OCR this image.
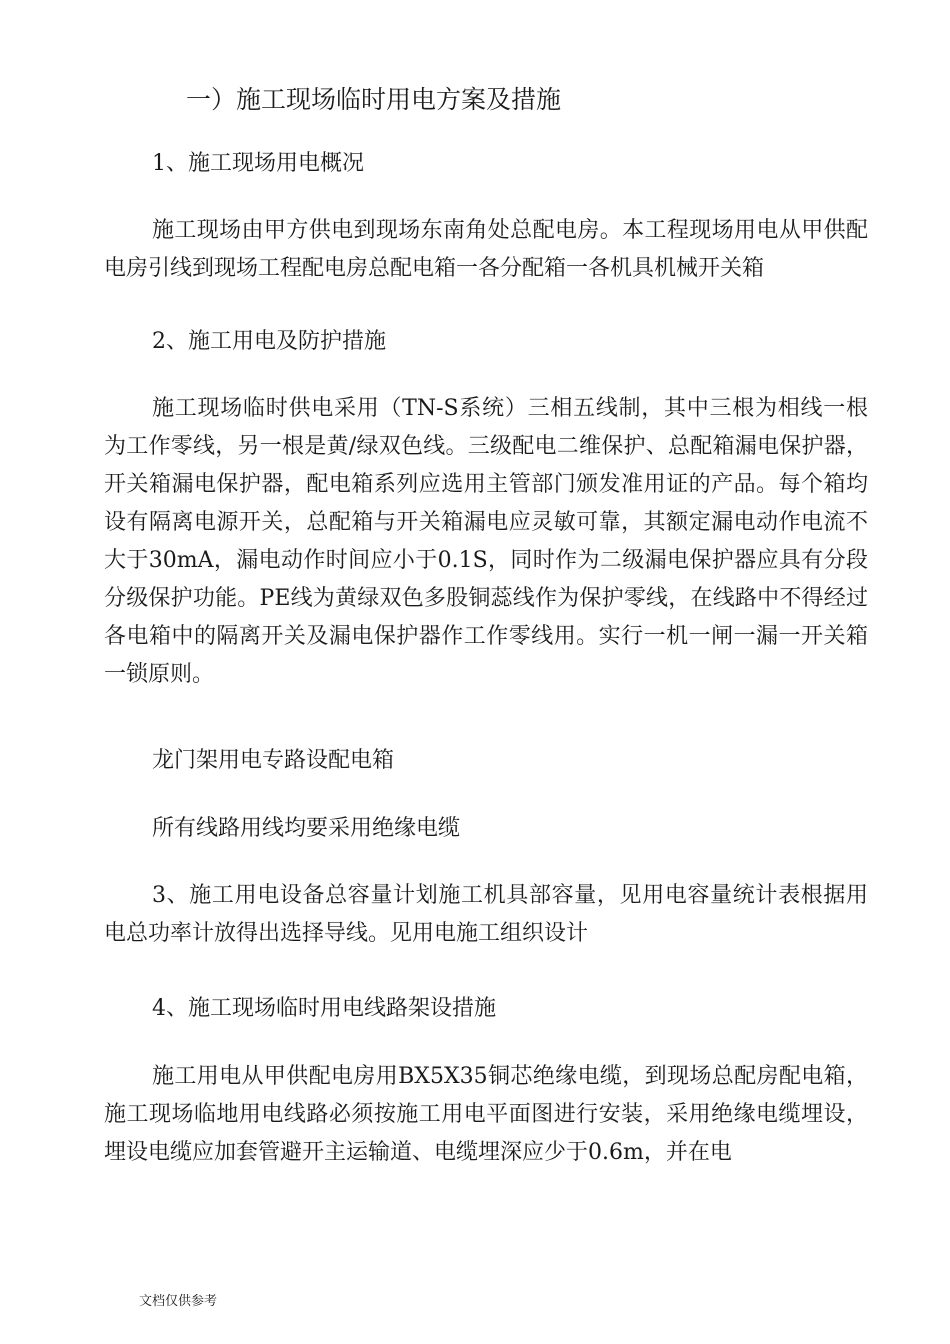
一）施工现场临时用电方案及措施

1、施工现场用电概况

施工现场由甲方供电到现场东南角处总配电房。本工程现场用电从甲供配电房引线到现场工程配电房总配电箱一各分配箱一各机具机械开关箱

2、施工用电及防护措施

施工现场临时供电采用（TN-S系统）三相五线制，其中三根为相线一根为工作零线，另一根是黄/绿双色线。三级配电二维保护、总配箱漏电保护器，开关箱漏电保护器，配电箱系列应选用主管部门颁发准用证的产品。每个箱均设有隔离电源开关，总配箱与开关箱漏电应灵敏可靠，其额定漏电动作电流不大于30mA，漏电动作时间应小于0.1S，同时作为二级漏电保护器应具有分段分级保护功能。PE线为黄绿双色多股铜蕊线作为保护零线，在线路中不得经过各电箱中的隔离开关及漏电保护器作工作零线用。实行一机一闸一漏一开关箱一锁原则。

龙门架用电专路设配电箱

所有线路用线均要采用绝缘电缆

3、施工用电设备总容量计划施工机具部容量，见用电容量统计表根据用电总功率计放得出选择导线。见用电施工组织设计

4、施工现场临时用电线路架设措施

施工用电从甲供配电房用BX5X35铜芯绝缘电缆，到现场总配房配电箱，施工现场临地用电线路必须按施工用电平面图进行安装，采用绝缘电缆埋设，埋设电缆应加套管避开主运输道、电缆埋深应少于0.6m，并在电

文档仅供参考
